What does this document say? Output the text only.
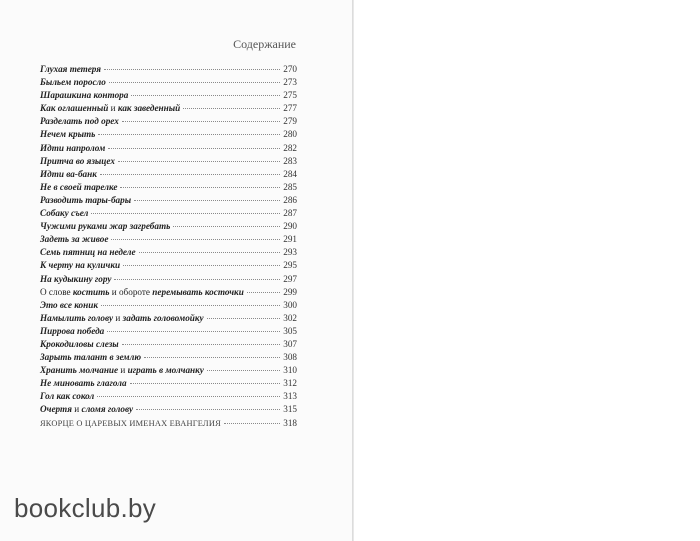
Содержание
Глухая тетеря	270
Быльем поросло	273
Шарашкина контора	275
Как оглашенный и как заведенный	277
Разделать под орех	279
Нечем крыть	280
Идти напролом	282
Притча во языцех	283
Идти ва-банк	284
Не в своей тарелке	285
Разводить тары-бары	286
Собаку съел	287
Чужими руками жар загребать	290
Задеть за живое	291
Семь пятниц на неделе	293
К черту на кулички	295
На кудыкину гору	297
О слове костить и обороте перемывать косточки	299
Это все коник	300
Намылить голову и задать головомойку	302
Пиррова победа	305
Крокодиловы слезы	307
Зарыть талант в землю	308
Хранить молчание и играть в молчанку	310
Не миновать глагола	312
Гол как сокол	313
Очертя и сломя голову	315
ЯКОРЦЕ О ЦАРЕВЫХ ИМЕНАХ ЕВАНГЕЛИЯ	318
bookclub.by
